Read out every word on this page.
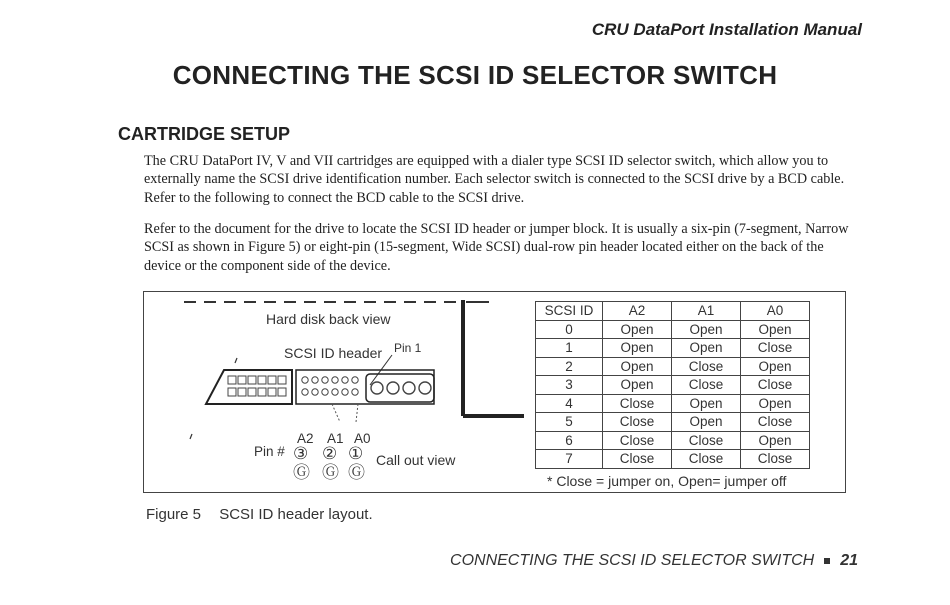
CRU DataPort Installation Manual
CONNECTING THE SCSI ID SELECTOR SWITCH
CARTRIDGE SETUP

The CRU DataPort IV, V and VII cartridges are equipped with a dialer type SCSI ID selector switch, which allow you to externally name the SCSI drive identification number. Each selector switch is connected to the SCSI drive by a BCD cable. Refer to the following to connect the BCD cable to the SCSI drive.

Refer to the document for the drive to locate the SCSI ID header or jumper block. It is usually a six-pin (7-segment, Narrow SCSI as shown in Figure 5) or eight-pin (15-segment, Wide SCSI) dual-row pin header located either on the back of the device or the component side of the device.

Hard disk back view
SCSI ID header Pin 1
A2 A1 A0
Pin # ③ ② ①
Ⓖ Ⓖ Ⓖ
Call out view
SCSI ID	A2	A1	A0
0	Open	Open	Open
1	Open	Open	Close
2	Open	Close	Open
3	Open	Close	Close
4	Close	Open	Open
5	Close	Open	Close
6	Close	Close	Open
7	Close	Close	Close
* Close = jumper on, Open= jumper off
Figure 5 SCSI ID header layout.
CONNECTING THE SCSI ID SELECTOR SWITCH 21
